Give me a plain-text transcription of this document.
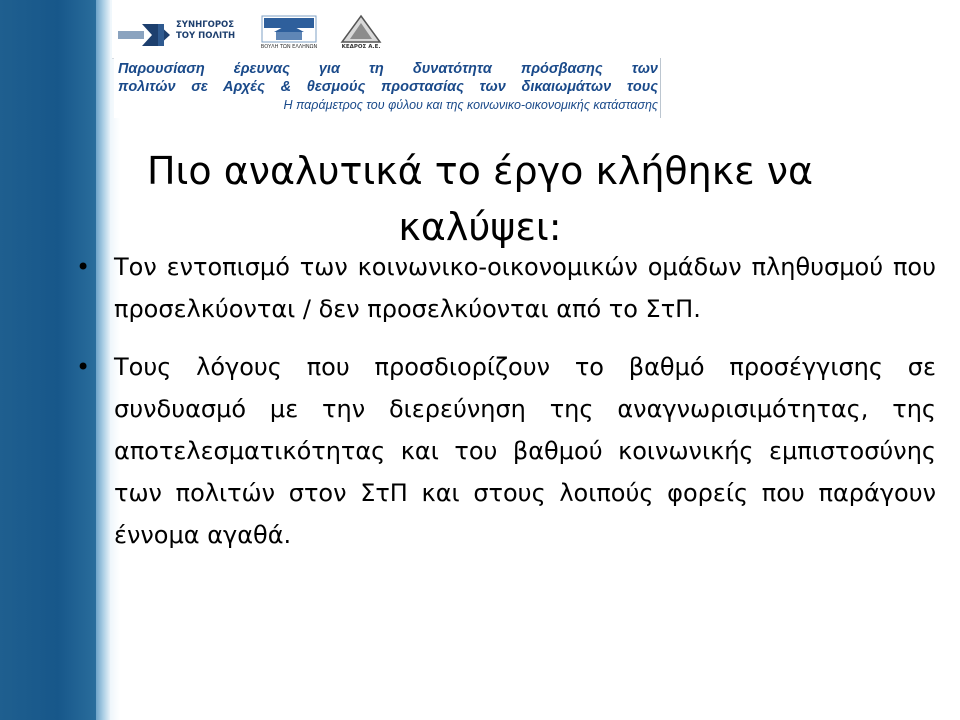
ΣΥΝΗΓΟΡΟΣ
ΤΟΥ ΠΟΛΙΤΗ
ΒΟΥΛΗ ΤΩΝ ΕΛΛΗΝΩΝ	ΚΕΔΡΟΣ Α.Ε.
Παρουσίαση έρευνας για τη δυνατότητα πρόσβασης των
πολιτών σε Αρχές & θεσμούς προστασίας των δικαιωμάτων τους
Η παράμετρος του φύλου και της κοινωνικο-οικονομικής κατάστασης
Πιο αναλυτικά το έργο κλήθηκε να καλύψει:
• Τον εντοπισμό των κοινωνικο-οικονομικών ομάδων πληθυσμού που προσελκύονται / δεν προσελκύονται από το ΣτΠ.
• Τους λόγους που προσδιορίζουν το βαθμό προσέγγισης σε συνδυασμό με την διερεύνηση της αναγνωρισιμότητας, της αποτελεσματικότητας και του βαθμού κοινωνικής εμπιστοσύνης των πολιτών στον ΣτΠ και στους λοιπούς φορείς που παράγουν έννομα αγαθά.
